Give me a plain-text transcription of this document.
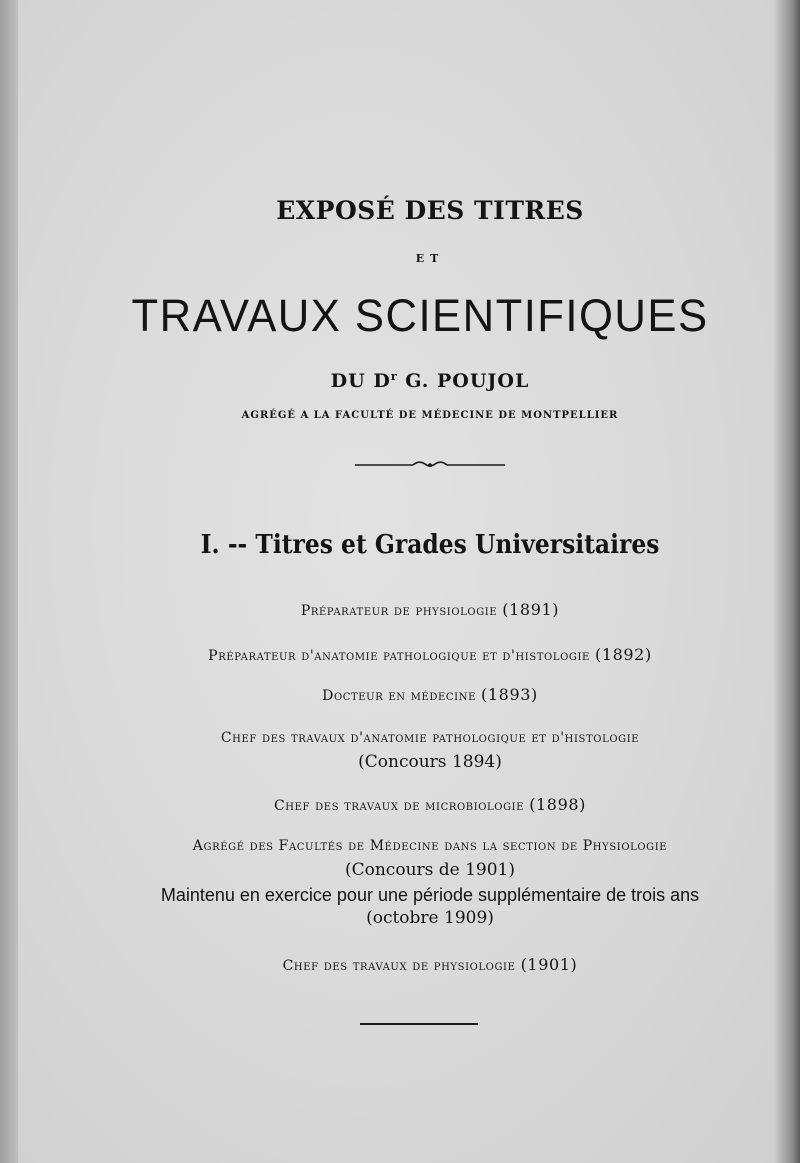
EXPOSÉ DES TITRES
ET
TRAVAUX SCIENTIFIQUES
DU $D^r$ G. POUJOL
AGRÉGÉ A LA FACULTÉ DE MÉDECINE DE MONTPELLIER
I. -- Titres et Grades Universitaires
Préparateur de physiologie (1891)
Préparateur d'anatomie pathologique et d'histologie (1892)
Docteur en médecine (1893)
Chef des travaux d'anatomie pathologique et d'histologie
(Concours 1894)
Chef des travaux de microbiologie (1898)
Agrégé des Facultés de Médecine dans la section de Physiologie
(Concours de 1901)
Maintenu en exercice pour une période supplémentaire de trois ans
(octobre 1909)
Chef des travaux de physiologie (1901)
